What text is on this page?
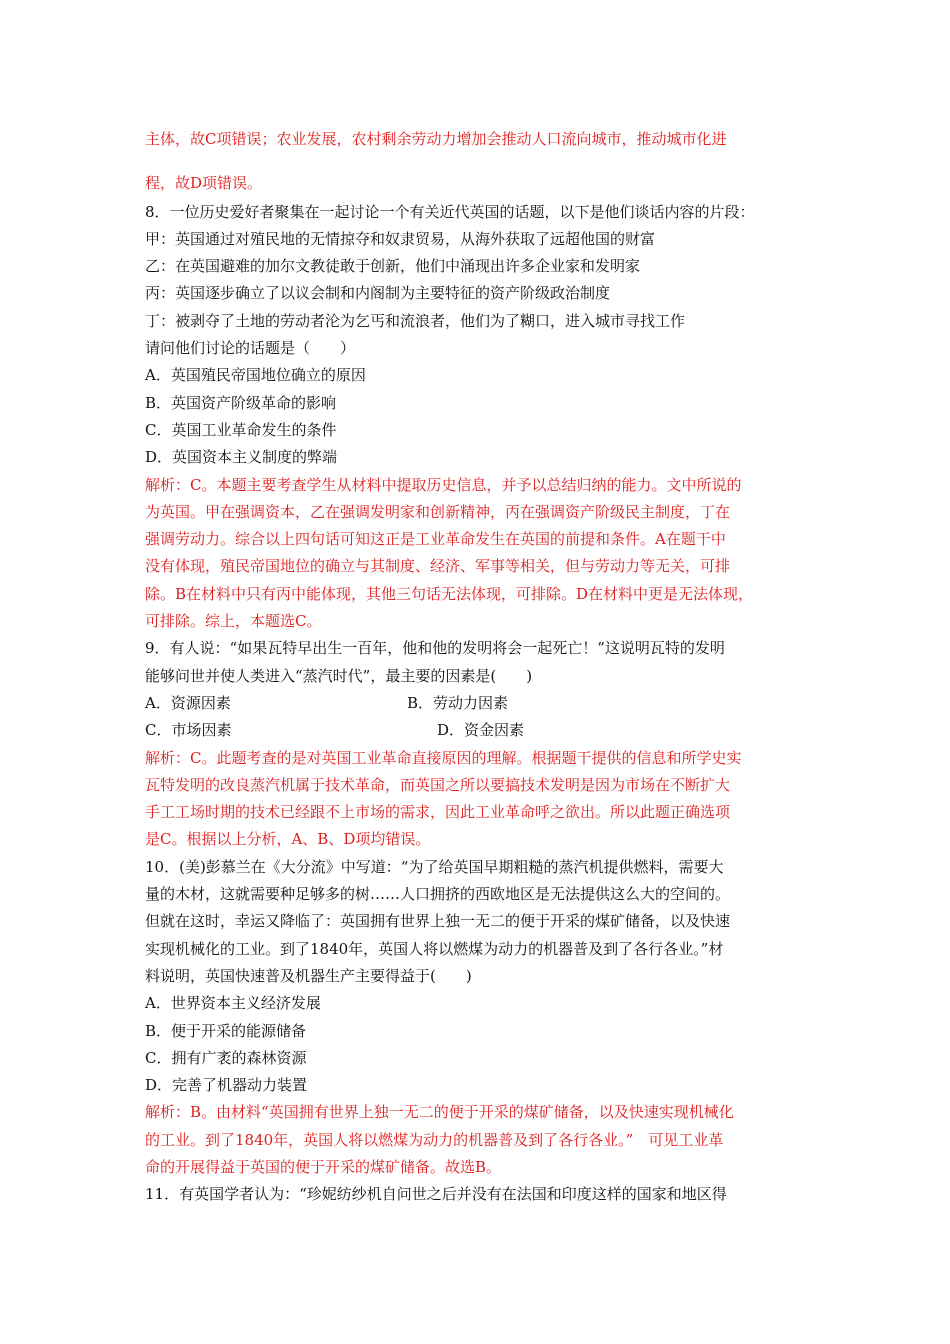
主体，故C项错误；农业发展，农村剩余劳动力增加会推动人口流向城市，推动城市化进
程，故D项错误。
8．一位历史爱好者聚集在一起讨论一个有关近代英国的话题，以下是他们谈话内容的片段：
甲：英国通过对殖民地的无情掠夺和奴隶贸易，从海外获取了远超他国的财富
乙：在英国避难的加尔文教徒敢于创新，他们中涌现出许多企业家和发明家
丙：英国逐步确立了以议会制和内阁制为主要特征的资产阶级政治制度
丁：被剥夺了土地的劳动者沦为乞丐和流浪者，他们为了糊口，进入城市寻找工作
请问他们讨论的话题是（　　）
A．英国殖民帝国地位确立的原因
B．英国资产阶级革命的影响
C．英国工业革命发生的条件
D．英国资本主义制度的弊端
解析：C。本题主要考查学生从材料中提取历史信息，并予以总结归纳的能力。文中所说的
为英国。甲在强调资本，乙在强调发明家和创新精神，丙在强调资产阶级民主制度，丁在
强调劳动力。综合以上四句话可知这正是工业革命发生在英国的前提和条件。A在题干中
没有体现，殖民帝国地位的确立与其制度、经济、军事等相关，但与劳动力等无关，可排
除。B在材料中只有丙中能体现，其他三句话无法体现，可排除。D在材料中更是无法体现，
可排除。综上，本题选C。
9．有人说：“如果瓦特早出生一百年，他和他的发明将会一起死亡！”这说明瓦特的发明
能够问世并使人类进入“蒸汽时代”，最主要的因素是(　　)
A．资源因素	B．劳动力因素
C．市场因素	D．资金因素
解析：C。此题考查的是对英国工业革命直接原因的理解。根据题干提供的信息和所学史实
瓦特发明的改良蒸汽机属于技术革命，而英国之所以要搞技术发明是因为市场在不断扩大
手工工场时期的技术已经跟不上市场的需求，因此工业革命呼之欲出。所以此题正确选项
是C。根据以上分析，A、B、D项均错误。
10．(美)彭慕兰在《大分流》中写道：“为了给英国早期粗糙的蒸汽机提供燃料，需要大
量的木材，这就需要种足够多的树……人口拥挤的西欧地区是无法提供这么大的空间的。
但就在这时，幸运又降临了：英国拥有世界上独一无二的便于开采的煤矿储备，以及快速
实现机械化的工业。到了1840年，英国人将以燃煤为动力的机器普及到了各行各业。”材
料说明，英国快速普及机器生产主要得益于(　　)
A．世界资本主义经济发展
B．便于开采的能源储备
C．拥有广袤的森林资源
D．完善了机器动力装置
解析：B。由材料“英国拥有世界上独一无二的便于开采的煤矿储备，以及快速实现机械化
的工业。到了1840年，英国人将以燃煤为动力的机器普及到了各行各业。”　可见工业革
命的开展得益于英国的便于开采的煤矿储备。故选B。
11．有英国学者认为：“珍妮纺纱机自问世之后并没有在法国和印度这样的国家和地区得
